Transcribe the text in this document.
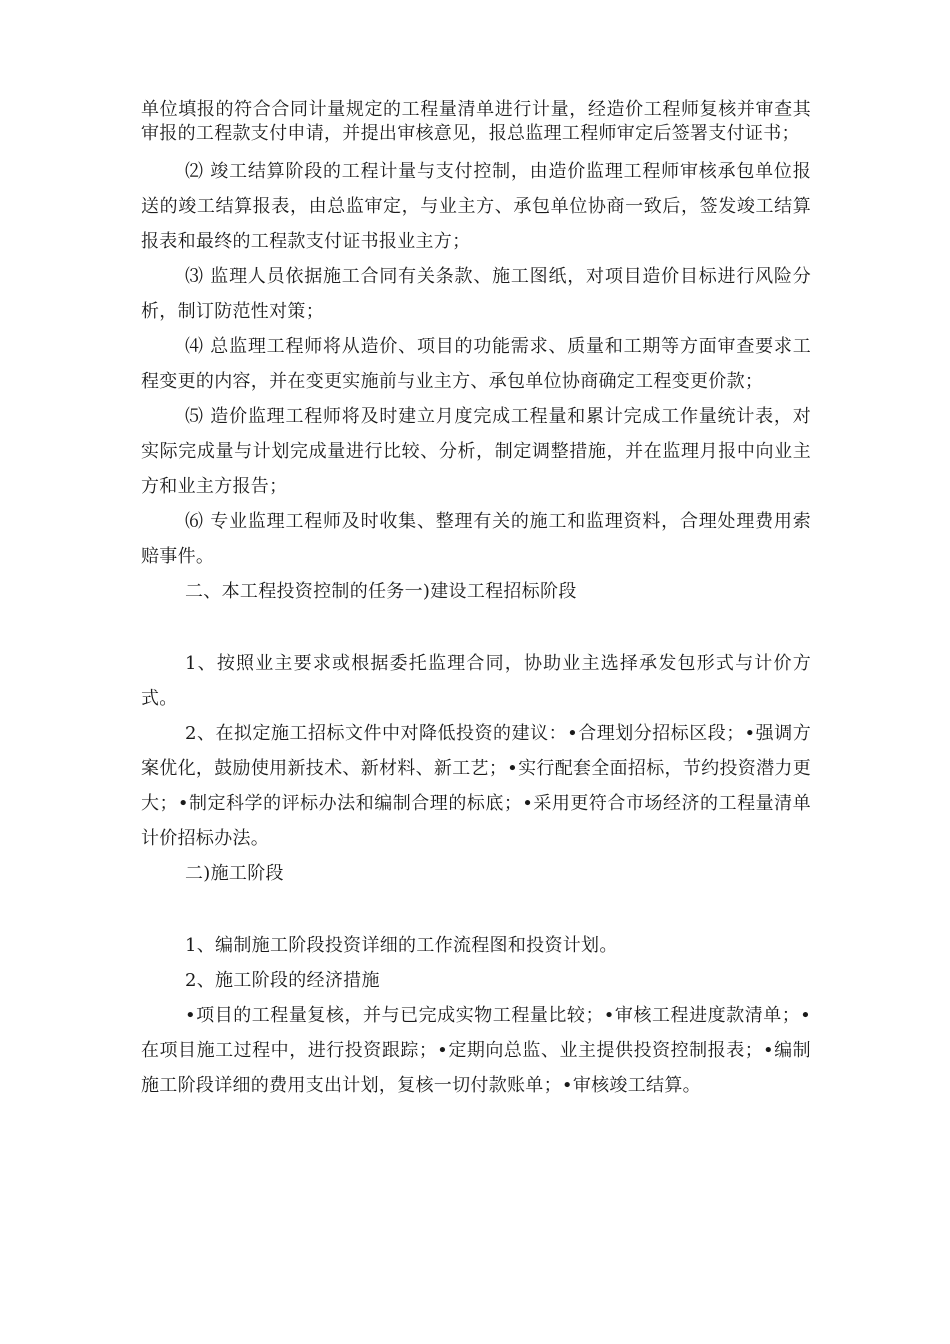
单位填报的符合合同计量规定的工程量清单进行计量，经造价工程师复核并审查其审报的工程款支付申请，并提出审核意见，报总监理工程师审定后签署支付证书；

⑵ 竣工结算阶段的工程计量与支付控制，由造价监理工程师审核承包单位报送的竣工结算报表，由总监审定，与业主方、承包单位协商一致后，签发竣工结算报表和最终的工程款支付证书报业主方；

⑶ 监理人员依据施工合同有关条款、施工图纸，对项目造价目标进行风险分析，制订防范性对策；

⑷ 总监理工程师将从造价、项目的功能需求、质量和工期等方面审查要求工程变更的内容，并在变更实施前与业主方、承包单位协商确定工程变更价款；

⑸ 造价监理工程师将及时建立月度完成工程量和累计完成工作量统计表，对实际完成量与计划完成量进行比较、分析，制定调整措施，并在监理月报中向业主方和业主方报告；

⑹ 专业监理工程师及时收集、整理有关的施工和监理资料，合理处理费用索赔事件。

二、本工程投资控制的任务一)建设工程招标阶段

1、按照业主要求或根据委托监理合同，协助业主选择承发包形式与计价方式。

2、在拟定施工招标文件中对降低投资的建议：•合理划分招标区段；•强调方案优化，鼓励使用新技术、新材料、新工艺；•实行配套全面招标，节约投资潜力更大；•制定科学的评标办法和编制合理的标底；•采用更符合市场经济的工程量清单计价招标办法。

二)施工阶段

1、编制施工阶段投资详细的工作流程图和投资计划。

2、施工阶段的经济措施

•项目的工程量复核，并与已完成实物工程量比较；•审核工程进度款清单；•在项目施工过程中，进行投资跟踪；•定期向总监、业主提供投资控制报表；•编制施工阶段详细的费用支出计划，复核一切付款账单；•审核竣工结算。
